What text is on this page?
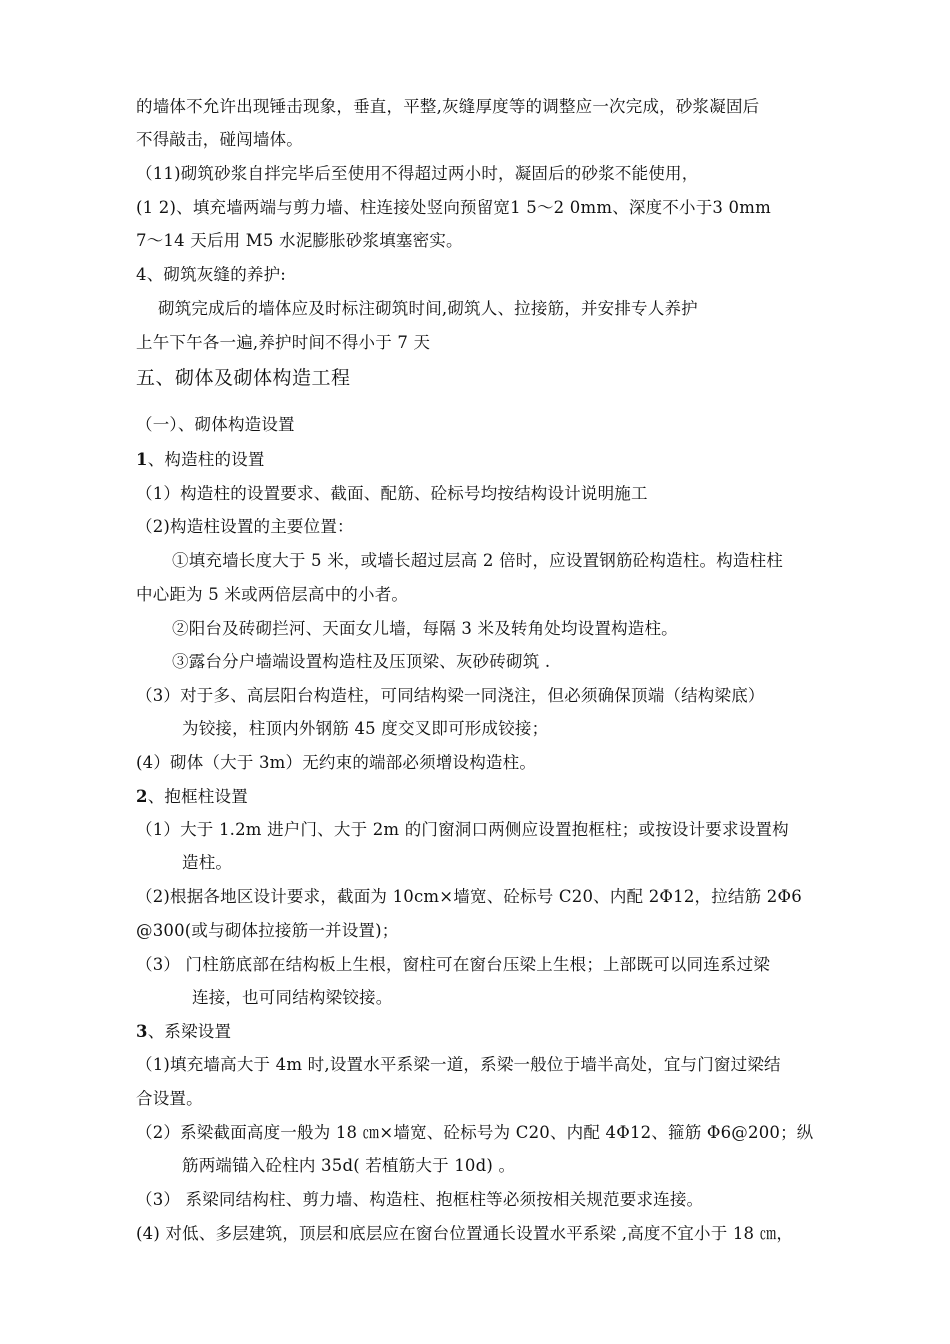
的墙体不允许出现锤击现象，垂直，平整,灰缝厚度等的调整应一次完成，砂浆凝固后
不得敲击，碰闯墙体。
（11)砌筑砂浆自拌完毕后至使用不得超过两小时，凝固后的砂浆不能使用，
(1 2)、填充墙两端与剪力墙、柱连接处竖向预留宽1 5～2 0mm、深度不小于3 0mm
7～14 天后用 M5 水泥膨胀砂浆填塞密实。
4、砌筑灰缝的养护:
砌筑完成后的墙体应及时标注砌筑时间,砌筑人、拉接筋，并安排专人养护
上午下午各一遍,养护时间不得小于 7 天
五、砌体及砌体构造工程
（一）、砌体构造设置
1、构造柱的设置
（1）构造柱的设置要求、截面、配筋、砼标号均按结构设计说明施工
（2)构造柱设置的主要位置：
①填充墙长度大于 5 米，或墙长超过层高 2 倍时，应设置钢筋砼构造柱。构造柱柱
中心距为 5 米或两倍层高中的小者。
②阳台及砖砌拦河、天面女儿墙，每隔 3 米及转角处均设置构造柱。
③露台分户墙端设置构造柱及压顶梁、灰砂砖砌筑 .
（3）对于多、高层阳台构造柱，可同结构梁一同浇注，但必须确保顶端（结构梁底）
为铰接，柱顶内外钢筋 45 度交叉即可形成铰接；
(4）砌体（大于 3m）无约束的端部必须增设构造柱。
2、抱框柱设置
（1）大于 1.2m 进户门、大于 2m 的门窗洞口两侧应设置抱框柱；或按设计要求设置构
造柱。
（2)根据各地区设计要求，截面为 10cm×墙宽、砼标号 C20、内配 2Φ12，拉结筋 2Φ6
@300(或与砌体拉接筋一并设置)；
（3） 门柱筋底部在结构板上生根，窗柱可在窗台压梁上生根；上部既可以同连系过梁
连接，也可同结构梁铰接。
3、系梁设置
（1)填充墙高大于 4m 时,设置水平系梁一道，系梁一般位于墙半高处，宜与门窗过梁结
合设置。
（2）系梁截面高度一般为 18 ㎝×墙宽、砼标号为 C20、内配 4Φ12、箍筋 Φ6@200；纵
筋两端锚入砼柱内 35d( 若植筋大于 10d) 。
（3） 系梁同结构柱、剪力墙、构造柱、抱框柱等必须按相关规范要求连接。
(4) 对低、多层建筑，顶层和底层应在窗台位置通长设置水平系梁 ,高度不宜小于 18 ㎝，
